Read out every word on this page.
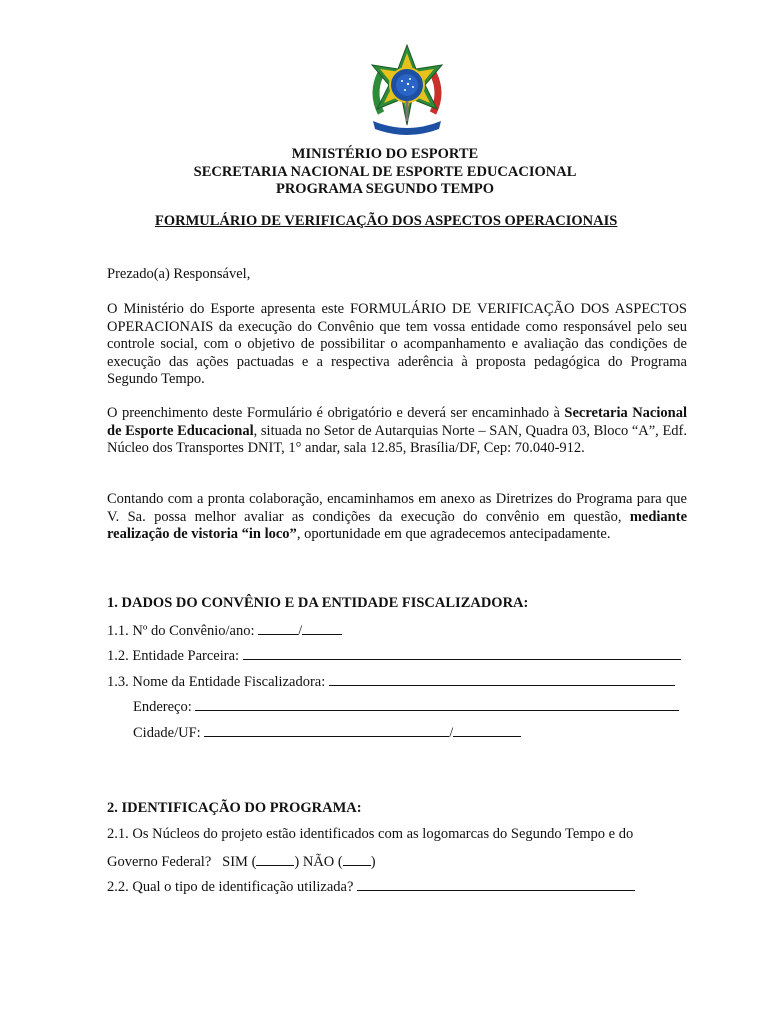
MINISTÉRIO DO ESPORTE

SECRETARIA NACIONAL DE ESPORTE EDUCACIONAL

PROGRAMA SEGUNDO TEMPO

FORMULÁRIO DE VERIFICAÇÃO DOS ASPECTOS OPERACIONAIS

Prezado(a) Responsável,

O Ministério do Esporte apresenta este FORMULÁRIO DE VERIFICAÇÃO DOS ASPECTOS OPERACIONAIS da execução do Convênio que tem vossa entidade como responsável pelo seu controle social, com o objetivo de possibilitar o acompanhamento e avaliação das condições de execução das ações pactuadas e a respectiva aderência à proposta pedagógica do Programa Segundo Tempo.

O preenchimento deste Formulário é obrigatório e deverá ser encaminhado à Secretaria Nacional de Esporte Educacional, situada no Setor de Autarquias Norte – SAN, Quadra 03, Bloco “A”, Edf. Núcleo dos Transportes DNIT, 1° andar, sala 12.85, Brasília/DF, Cep: 70.040-912.

Contando com a pronta colaboração, encaminhamos em anexo as Diretrizes do Programa para que V. Sa. possa melhor avaliar as condições da execução do convênio em questão, mediante realização de vistoria “in loco”, oportunidade em que agradecemos antecipadamente.

1. DADOS DO CONVÊNIO E DA ENTIDADE FISCALIZADORA:

1.1. Nº do Convênio/ano:	/

1.2. Entidade Parceira:

1.3. Nome da Entidade Fiscalizadora:

Endereço:

Cidade/UF:	/

2. IDENTIFICAÇÃO DO PROGRAMA:

2.1. Os Núcleos do projeto estão identificados com as logomarcas do Segundo Tempo e do

Governo Federal? SIM (	) NÃO ( )

2.2. Qual o tipo de identificação utilizada?
